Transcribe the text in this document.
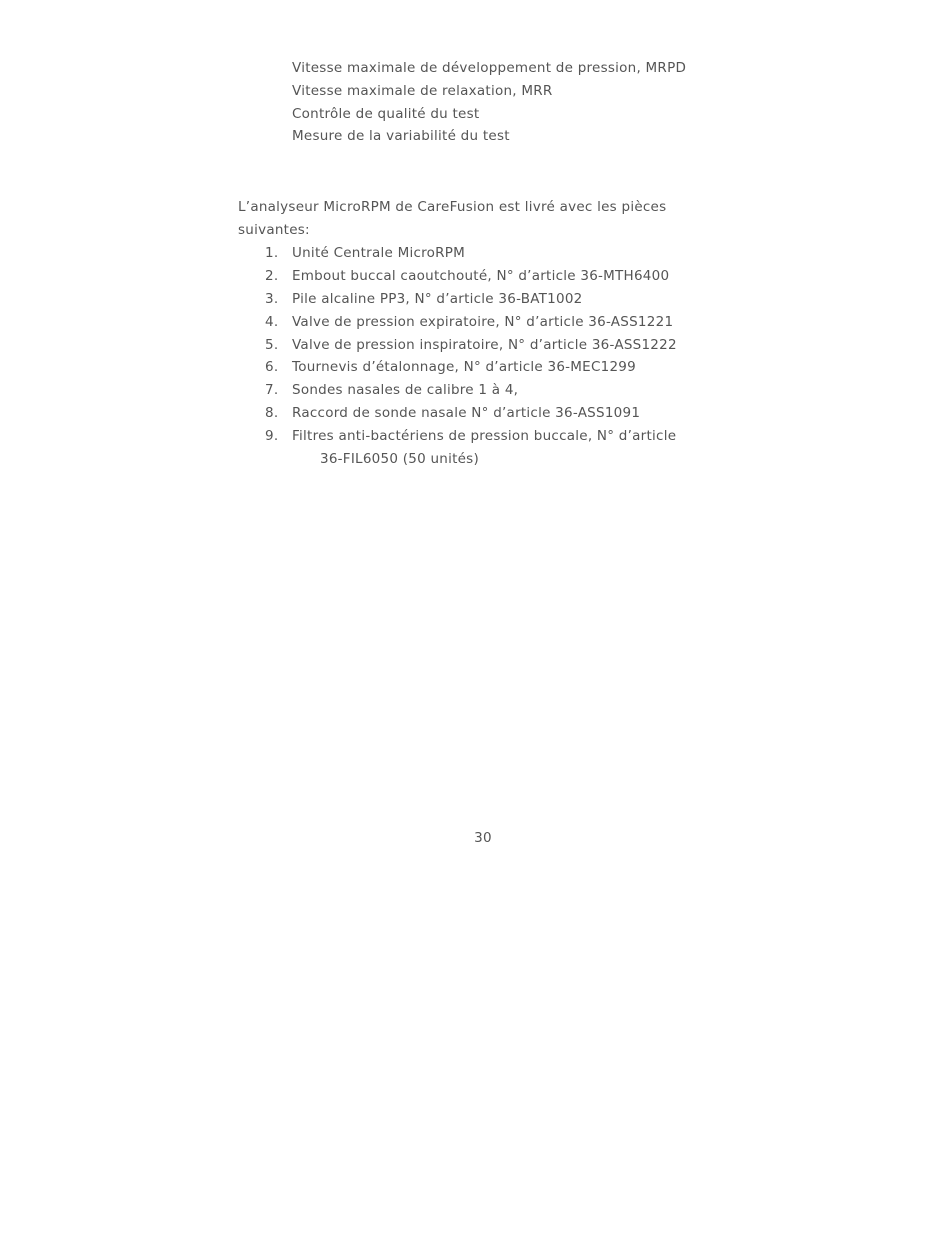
Vitesse maximale de développement de pression, MRPD
Vitesse maximale de relaxation, MRR
Contrôle de qualité du test
Mesure de la variabilité du test
L’analyseur MicroRPM de CareFusion est livré avec les pièces
suivantes:
1. Unité Centrale MicroRPM
2. Embout buccal caoutchouté, N° d’article 36-MTH6400
3. Pile alcaline PP3, N° d’article 36-BAT1002
4. Valve de pression expiratoire, N° d’article 36-ASS1221
5. Valve de pression inspiratoire, N° d’article 36-ASS1222
6. Tournevis d’étalonnage, N° d’article 36-MEC1299
7. Sondes nasales de calibre 1 à 4,
8. Raccord de sonde nasale N° d’article 36-ASS1091
9. Filtres anti-bactériens de pression buccale, N° d’article
36-FIL6050 (50 unités)
30
